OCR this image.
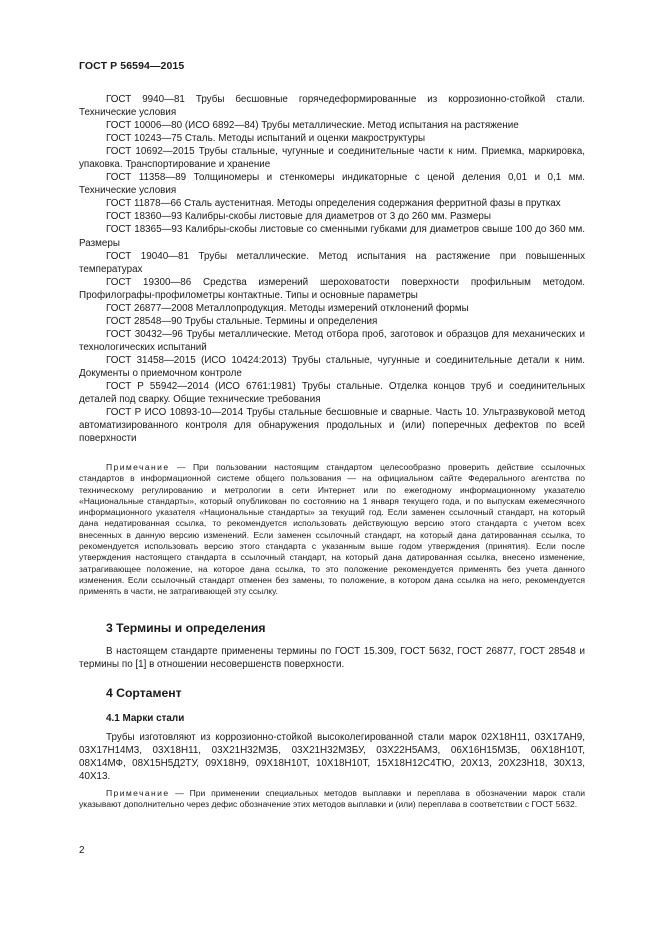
ГОСТ Р 56594—2015

ГОСТ 9940—81 Трубы бесшовные горячедеформированные из коррозионно-стойкой стали. Технические условия

ГОСТ 10006—80 (ИСО 6892—84) Трубы металлические. Метод испытания на растяжение

ГОСТ 10243—75 Сталь. Методы испытаний и оценки макроструктуры

ГОСТ 10692—2015 Трубы стальные, чугунные и соединительные части к ним. Приемка, маркировка, упаковка. Транспортирование и хранение

ГОСТ 11358—89 Толщиномеры и стенкомеры индикаторные с ценой деления 0,01 и 0,1 мм. Технические условия

ГОСТ 11878—66 Сталь аустенитная. Методы определения содержания ферритной фазы в прутках

ГОСТ 18360—93 Калибры-скобы листовые для диаметров от 3 до 260 мм. Размеры

ГОСТ 18365—93 Калибры-скобы листовые со сменными губками для диаметров свыше 100 до 360 мм. Размеры

ГОСТ 19040—81 Трубы металлические. Метод испытания на растяжение при повышенных температурах

ГОСТ 19300—86 Средства измерений шероховатости поверхности профильным методом. Профилографы-профилометры контактные. Типы и основные параметры

ГОСТ 26877—2008 Металлопродукция. Методы измерений отклонений формы

ГОСТ 28548—90 Трубы стальные. Термины и определения

ГОСТ 30432—96 Трубы металлические. Метод отбора проб, заготовок и образцов для механических и технологических испытаний

ГОСТ 31458—2015 (ИСО 10424:2013) Трубы стальные, чугунные и соединительные детали к ним. Документы о приемочном контроле

ГОСТ Р 55942—2014 (ИСО 6761:1981) Трубы стальные. Отделка концов труб и соединительных деталей под сварку. Общие технические требования

ГОСТ Р ИСО 10893-10—2014 Трубы стальные бесшовные и сварные. Часть 10. Ультразвуковой метод автоматизированного контроля для обнаружения продольных и (или) поперечных дефектов по всей поверхности

Примечание — При пользовании настоящим стандартом целесообразно проверить действие ссылочных стандартов в информационной системе общего пользования — на официальном сайте Федерального агентства по техническому регулированию и метрологии в сети Интернет или по ежегодному информационному указателю «Национальные стандарты», который опубликован по состоянию на 1 января текущего года, и по выпускам ежемесячного информационного указателя «Национальные стандарты» за текущий год. Если заменен ссылочный стандарт, на который дана недатированная ссылка, то рекомендуется использовать действующую версию этого стандарта с учетом всех внесенных в данную версию изменений. Если заменен ссылочный стандарт, на который дана датированная ссылка, то рекомендуется использовать версию этого стандарта с указанным выше годом утверждения (принятия). Если после утверждения настоящего стандарта в ссылочный стандарт, на который дана датированная ссылка, внесено изменение, затрагивающее положение, на которое дана ссылка, то это положение рекомендуется применять без учета данного изменения. Если ссылочный стандарт отменен без замены, то положение, в котором дана ссылка на него, рекомендуется применять в части, не затрагивающей эту ссылку.

3 Термины и определения

В настоящем стандарте применены термины по ГОСТ 15.309, ГОСТ 5632, ГОСТ 26877, ГОСТ 28548 и термины по [1] в отношении несовершенств поверхности.

4 Сортамент
4.1 Марки стали

Трубы изготовляют из коррозионно-стойкой высоколегированной стали марок 02Х18Н11, 03Х17АН9, 03Х17Н14М3, 03Х18Н11, 03Х21Н32М3Б, 03Х21Н32М3БУ, 03Х22Н5АМ3, 06Х16Н15М3Б, 06Х18Н10Т, 08Х14МФ, 08Х15Н5Д2ТУ, 09Х18Н9, 09Х18Н10Т, 10Х18Н10Т, 15Х18Н12С4ТЮ, 20Х13, 20Х23Н18, 30Х13, 40Х13.

Примечание — При применении специальных методов выплавки и переплава в обозначении марок стали указывают дополнительно через дефис обозначение этих методов выплавки и (или) переплава в соответствии с ГОСТ 5632.

2
